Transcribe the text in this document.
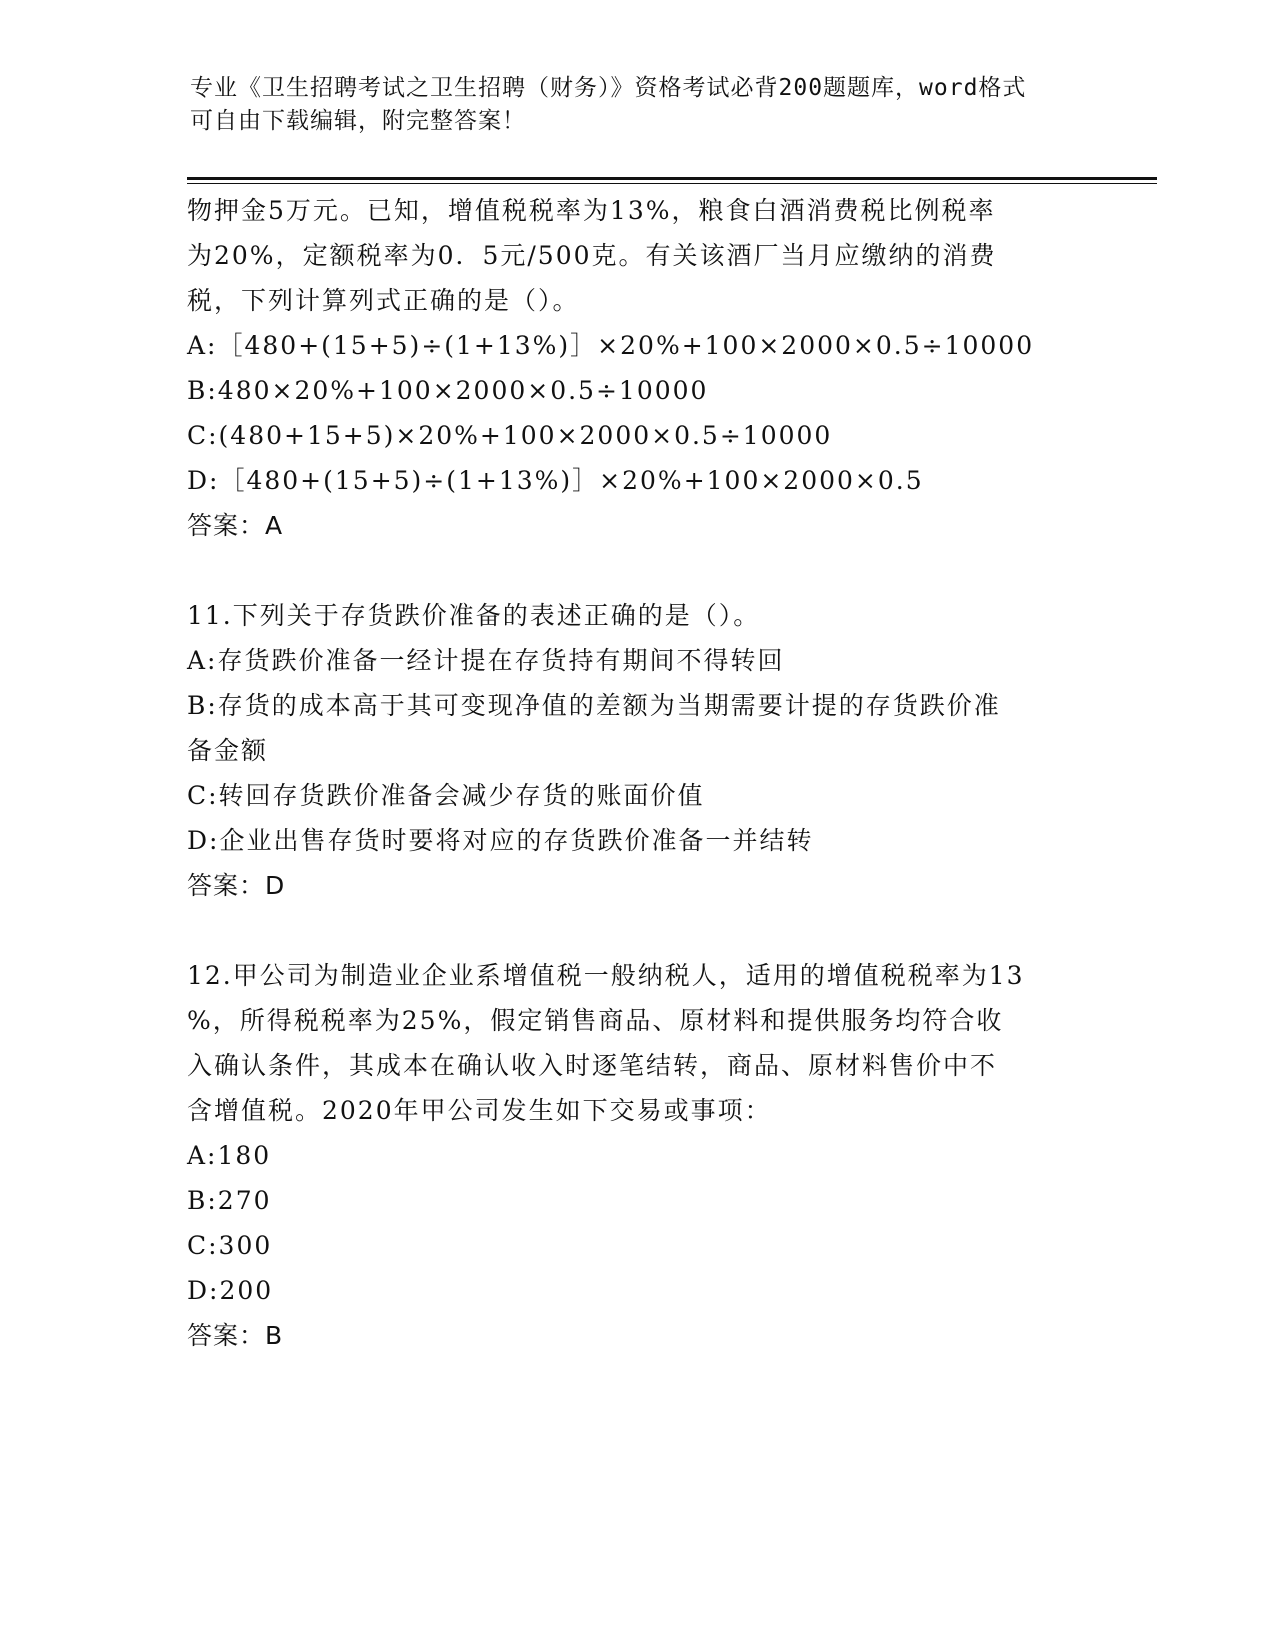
专业《卫生招聘考试之卫生招聘（财务）》资格考试必背200题题库，word格式
可自由下载编辑，附完整答案！

物押金5万元。已知，增值税税率为13%，粮食白酒消费税比例税率

为20%，定额税率为0．5元/500克。有关该酒厂当月应缴纳的消费

税，下列计算列式正确的是（）。

A:［480+(15+5)÷(1+13%)］×20%+100×2000×0.5÷10000

B:480×20%+100×2000×0.5÷10000

C:(480+15+5)×20%+100×2000×0.5÷10000

D:［480+(15+5)÷(1+13%)］×20%+100×2000×0.5

答案：A

11.下列关于存货跌价准备的表述正确的是（）。

A:存货跌价准备一经计提在存货持有期间不得转回

B:存货的成本高于其可变现净值的差额为当期需要计提的存货跌价准

备金额

C:转回存货跌价准备会减少存货的账面价值

D:企业出售存货时要将对应的存货跌价准备一并结转

答案：D

12.甲公司为制造业企业系增值税一般纳税人，适用的增值税税率为13

%，所得税税率为25%，假定销售商品、原材料和提供服务均符合收

入确认条件，其成本在确认收入时逐笔结转，商品、原材料售价中不

含增值税。2020年甲公司发生如下交易或事项：

A:180

B:270

C:300

D:200

答案：B
